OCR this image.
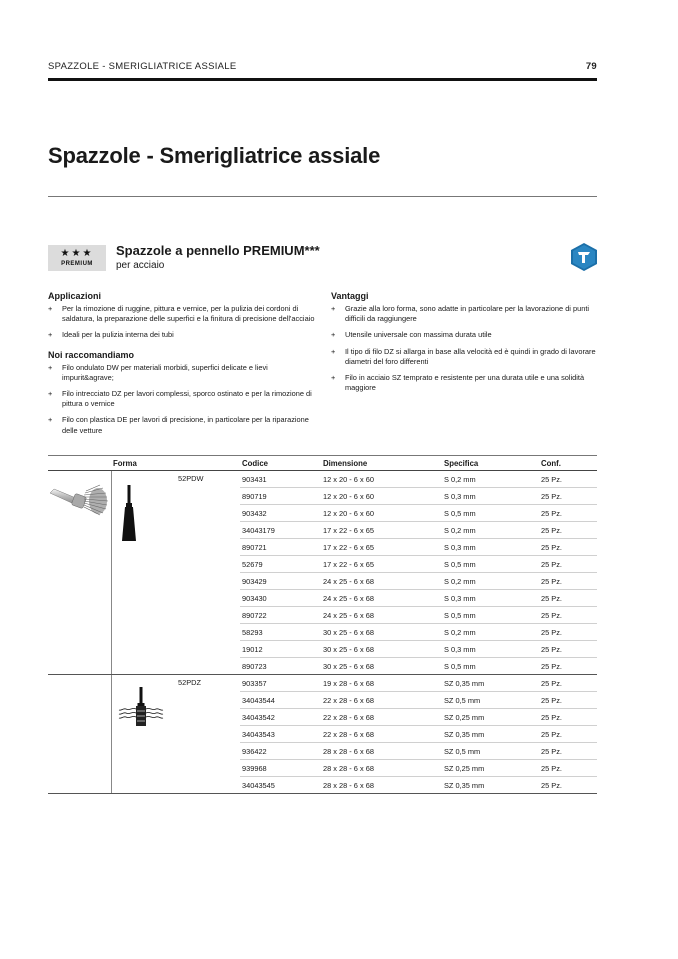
SPAZZOLE - SMERIGLIATRICE ASSIALE	79
Spazzole - Smerigliatrice assiale
★★★
PREMIUM
Spazzole a pennello PREMIUM***
per acciaio
Applicazioni
+ Per la rimozione di ruggine, pittura e vernice, per la pulizia dei cordoni di saldatura, la preparazione delle superfici e la finitura di precisione dell'acciaio
+ Ideali per la pulizia interna dei tubi
Noi raccomandiamo
+ Filo ondulato DW per materiali morbidi, superfici delicate e lievi impurit&agrave;
+ Filo intrecciato DZ per lavori complessi, sporco ostinato e per la rimozione di pittura o vernice
+ Filo con plastica DE per lavori di precisione, in particolare per la riparazione delle vetture
Vantaggi
+ Grazie alla loro forma, sono adatte in particolare per la lavorazione di punti difficili da raggiungere
+ Utensile universale con massima durata utile
+ Il tipo di filo DZ si allarga in base alla velocità ed è quindi in grado di lavorare diametri del foro differenti
+ Filo in acciaio SZ temprato e resistente per una durata utile e una solidità maggiore
Forma	Codice	Dimensione	Specifica	Conf.
52PDW	903431	12 x 20 - 6 x 60	S 0,2 mm	25 Pz.
890719	12 x 20 - 6 x 60	S 0,3 mm	25 Pz.
903432	12 x 20 - 6 x 60	S 0,5 mm	25 Pz.
34043179	17 x 22 - 6 x 65	S 0,2 mm	25 Pz.
890721	17 x 22 - 6 x 65	S 0,3 mm	25 Pz.
52679	17 x 22 - 6 x 65	S 0,5 mm	25 Pz.
903429	24 x 25 - 6 x 68	S 0,2 mm	25 Pz.
903430	24 x 25 - 6 x 68	S 0,3 mm	25 Pz.
890722	24 x 25 - 6 x 68	S 0,5 mm	25 Pz.
58293	30 x 25 - 6 x 68	S 0,2 mm	25 Pz.
19012	30 x 25 - 6 x 68	S 0,3 mm	25 Pz.
890723	30 x 25 - 6 x 68	S 0,5 mm	25 Pz.
52PDZ	903357	19 x 28 - 6 x 68	SZ 0,35 mm	25 Pz.
34043544	22 x 28 - 6 x 68	SZ 0,5 mm	25 Pz.
34043542	22 x 28 - 6 x 68	SZ 0,25 mm	25 Pz.
34043543	22 x 28 - 6 x 68	SZ 0,35 mm	25 Pz.
936422	28 x 28 - 6 x 68	SZ 0,5 mm	25 Pz.
939968	28 x 28 - 6 x 68	SZ 0,25 mm	25 Pz.
34043545	28 x 28 - 6 x 68	SZ 0,35 mm	25 Pz.
